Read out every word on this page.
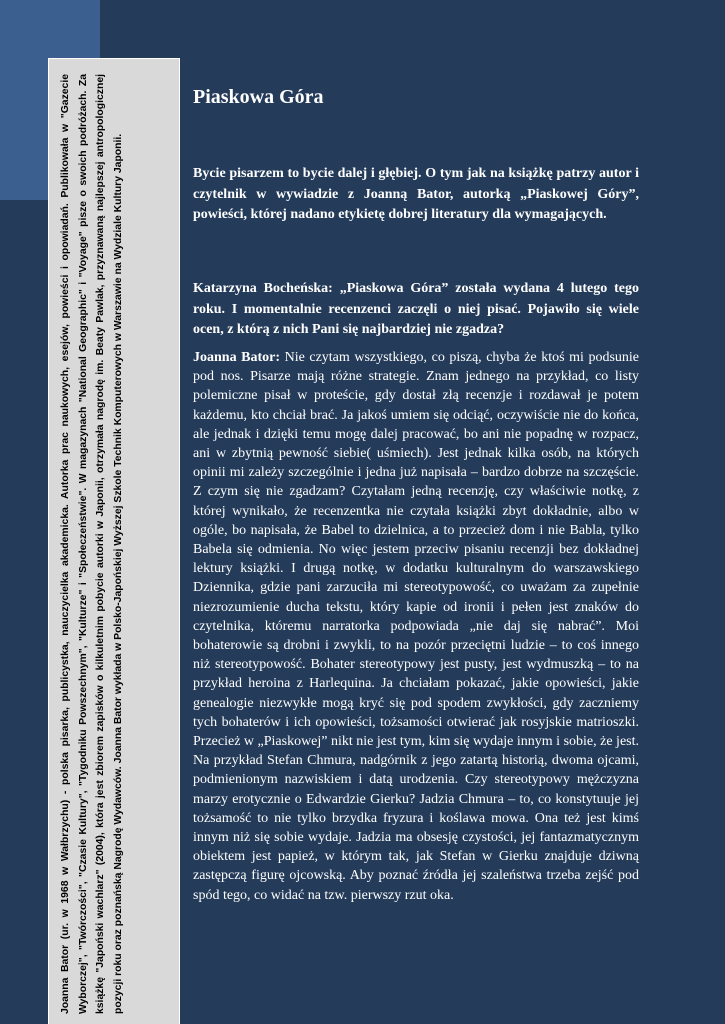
Joanna Bator (ur. w 1968 w Wałbrzychu) - polska pisarka, publicystka, nauczycielka akademicka. Autorka prac naukowych, esejów, powieści i opowiadań. Publikowała w "Gazecie Wyborczej", "Twórczości", "Czasie Kultury", "Tygodniku Powszechnym", "Kulturze" i "Społeczeństwie". W magazynach "National Geographic" i "Voyage" pisze o swoich podróżach. Za książkę "Japoński wachlarz" (2004), która jest zbiorem zapisków o kilkuletnim pobycie autorki w Japonii, otrzymała nagrodę im. Beaty Pawlak, przyznawaną najlepszej antropologicznej pozycji roku oraz poznańską Nagrodę Wydawców. Joanna Bator wykłada w Polsko-Japońskiej Wyższej Szkole Technik Komputerowych w Warszawie na Wydziale Kultury Japonii.

Piaskowa Góra

Bycie pisarzem to bycie dalej i głębiej. O tym jak na książkę patrzy autor i czytelnik w wywiadzie z Joanną Bator, autorką „Piaskowej Góry”, powieści, której nadano etykietę dobrej literatury dla wymagających.

Katarzyna Bocheńska: „Piaskowa Góra” została wydana 4 lutego tego roku. I momentalnie recenzenci zaczęli o niej pisać. Pojawiło się wiele ocen, z którą z nich Pani się najbardziej nie zgadza?

Joanna Bator: Nie czytam wszystkiego, co piszą, chyba że ktoś mi podsunie pod nos. Pisarze mają różne strategie. Znam jednego na przykład, co listy polemiczne pisał w proteście, gdy dostał złą recenzje i rozdawał je potem każdemu, kto chciał brać. Ja jakoś umiem się odciąć, oczywiście nie do końca, ale jednak i dzięki temu mogę dalej pracować, bo ani nie popadnę w rozpacz, ani w zbytnią pewność siebie( uśmiech). Jest jednak kilka osób, na których opinii mi zależy szczególnie i jedna już napisała – bardzo dobrze na szczęście. Z czym się nie zgadzam? Czytałam jedną recenzję, czy właściwie notkę, z której wynikało, że recenzentka nie czytała książki zbyt dokładnie, albo w ogóle, bo napisała, że Babel to dzielnica, a to przecież dom i nie Babla, tylko Babela się odmienia. No więc jestem przeciw pisaniu recenzji bez dokładnej lektury książki. I drugą notkę, w dodatku kulturalnym do warszawskiego Dziennika, gdzie pani zarzuciła mi stereotypowość, co uważam za zupełnie niezrozumienie ducha tekstu, który kapie od ironii i pełen jest znaków do czytelnika, któremu narratorka podpowiada „nie daj się nabrać”. Moi bohaterowie są drobni i zwykli, to na pozór przeciętni ludzie – to coś innego niż stereotypowość. Bohater stereotypowy jest pusty, jest wydmuszką – to na przykład heroina z Harlequina. Ja chciałam pokazać, jakie opowieści, jakie genealogie niezwykłe mogą kryć się pod spodem zwykłości, gdy zaczniemy tych bohaterów i ich opowieści, tożsamości otwierać jak rosyjskie matrioszki. Przecież w „Piaskowej” nikt nie jest tym, kim się wydaje innym i sobie, że jest. Na przykład Stefan Chmura, nadgórnik z jego zatartą historią, dwoma ojcami, podmienionym nazwiskiem i datą urodzenia. Czy stereotypowy mężczyzna marzy erotycznie o Edwardzie Gierku? Jadzia Chmura – to, co konstytuuje jej tożsamość to nie tylko brzydka fryzura i koślawa mowa. Ona też jest kimś innym niż się sobie wydaje. Jadzia ma obsesję czystości, jej fantazmatycznym obiektem jest papież, w którym tak, jak Stefan w Gierku znajduje dziwną zastępczą figurę ojcowską. Aby poznać źródła jej szaleństwa trzeba zejść pod spód tego, co widać na tzw. pierwszy rzut oka.
